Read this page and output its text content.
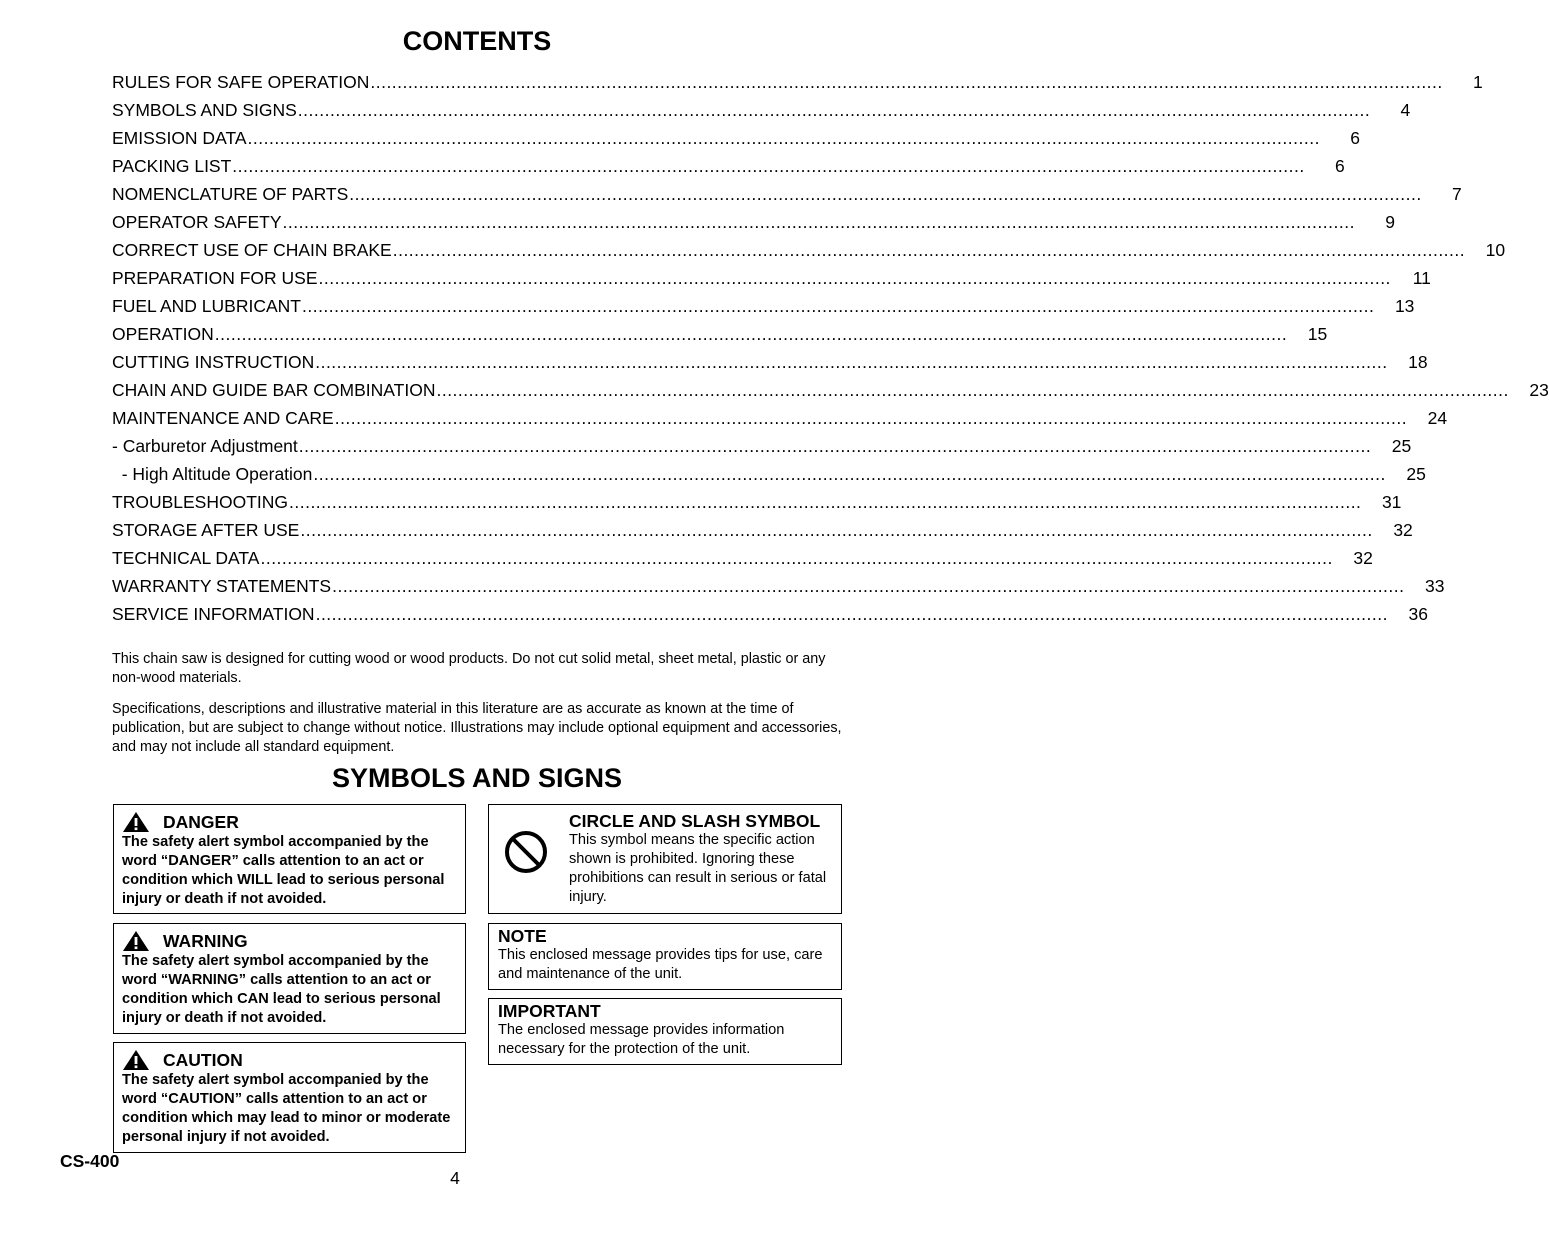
CONTENTS
RULES FOR SAFE OPERATION ........................................................................................................................................................................................................	1
SYMBOLS AND SIGNS ........................................................................................................................................................................................................	4
EMISSION DATA ........................................................................................................................................................................................................	6
PACKING LIST ........................................................................................................................................................................................................	6
NOMENCLATURE OF PARTS ........................................................................................................................................................................................................	7
OPERATOR SAFETY ........................................................................................................................................................................................................	9
CORRECT USE OF CHAIN BRAKE ........................................................................................................................................................................................................	10
PREPARATION FOR USE ........................................................................................................................................................................................................	11
FUEL AND LUBRICANT ........................................................................................................................................................................................................	13
OPERATION ........................................................................................................................................................................................................	15
CUTTING INSTRUCTION ........................................................................................................................................................................................................	18
CHAIN AND GUIDE BAR COMBINATION ........................................................................................................................................................................................................	23
MAINTENANCE AND CARE ........................................................................................................................................................................................................	24
- Carburetor Adjustment ........................................................................................................................................................................................................	25
- High Altitude Operation ........................................................................................................................................................................................................	25
TROUBLESHOOTING ........................................................................................................................................................................................................	31
STORAGE AFTER USE ........................................................................................................................................................................................................	32
TECHNICAL DATA ........................................................................................................................................................................................................	32
WARRANTY STATEMENTS ........................................................................................................................................................................................................	33
SERVICE INFORMATION ........................................................................................................................................................................................................	36

This chain saw is designed for cutting wood or wood products. Do not cut solid metal, sheet metal, plastic or any non-wood materials.

Specifications, descriptions and illustrative material in this literature are as accurate as known at the time of publication, but are subject to change without notice. Illustrations may include optional equipment and accessories, and may not include all standard equipment.

SYMBOLS AND SIGNS
DANGER
The safety alert symbol accompanied by the word “DANGER” calls attention to an act or condition which WILL lead to serious personal injury or death if not avoided.
WARNING
The safety alert symbol accompanied by the word “WARNING” calls attention to an act or condition which CAN lead to serious personal injury or death if not avoided.
CAUTION
The safety alert symbol accompanied by the word “CAUTION” calls attention to an act or condition which may lead to minor or moderate personal injury if not avoided.
CIRCLE AND SLASH SYMBOL
This symbol means the specific action shown is prohibited. Ignoring these prohibitions can result in serious or fatal injury.
NOTE
This enclosed message provides tips for use, care and maintenance of the unit.
IMPORTANT
The enclosed message provides information necessary for the protection of the unit.
CS-400
4
